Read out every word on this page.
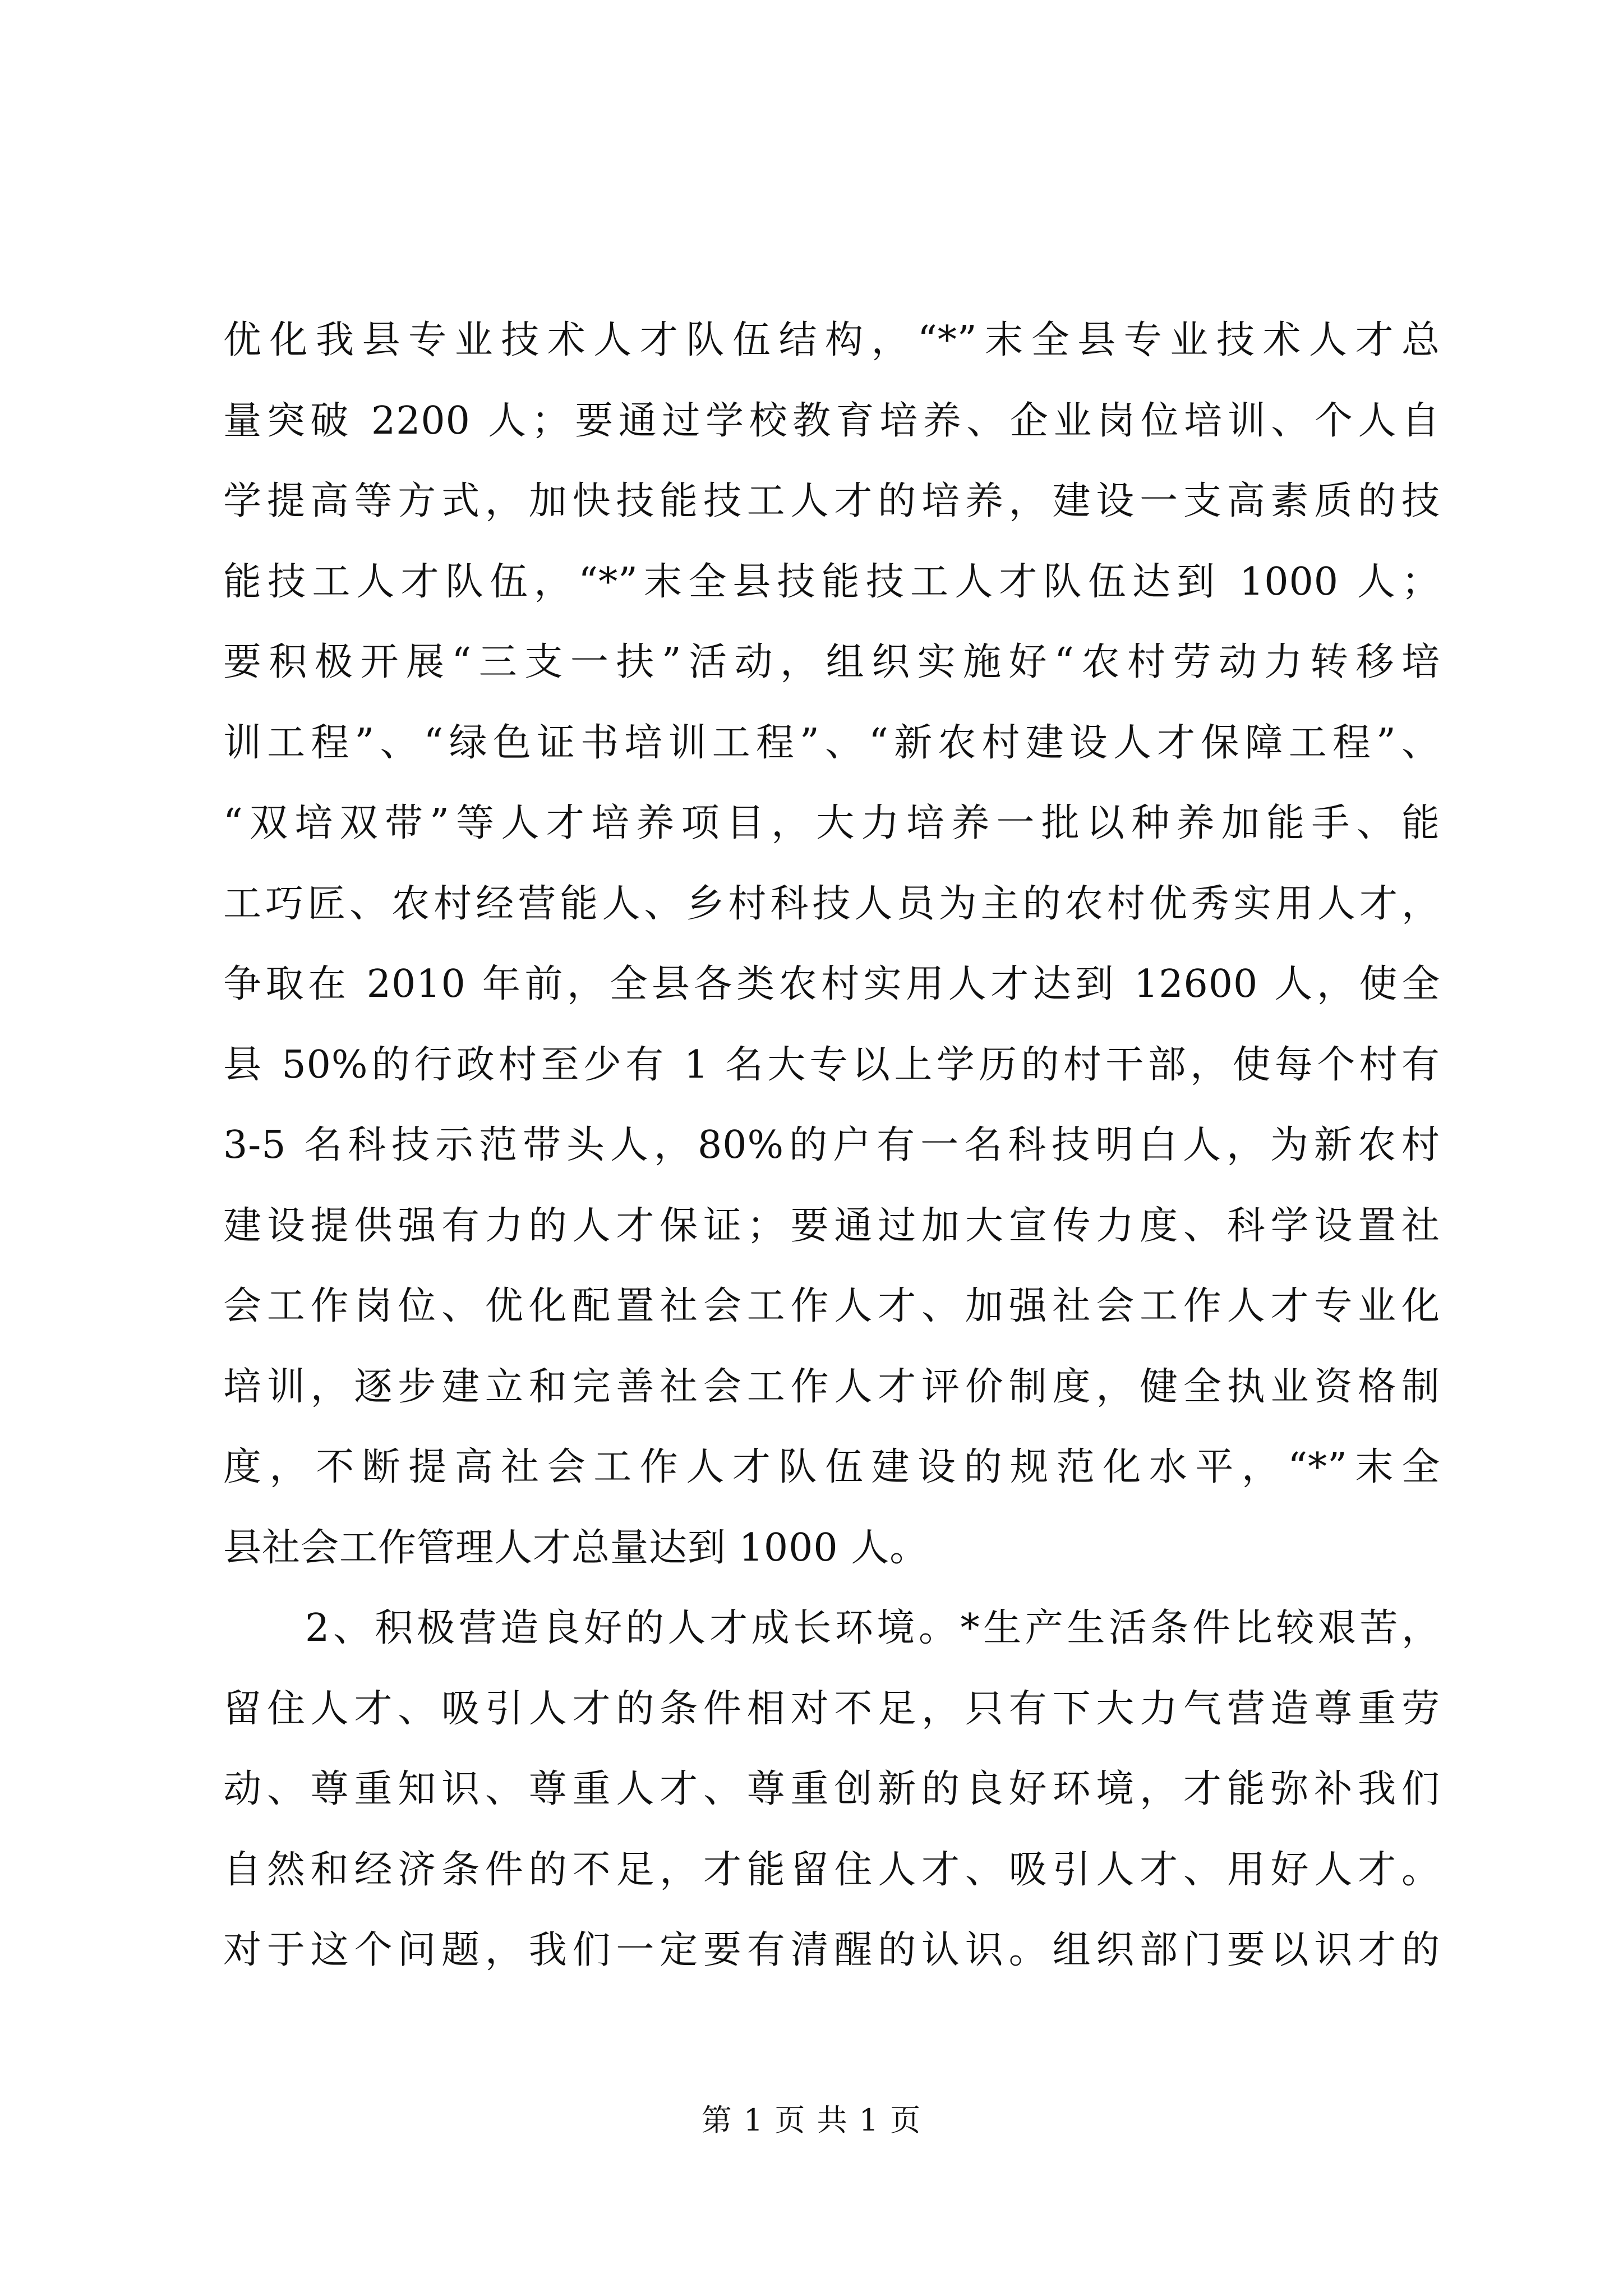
优化我县专业技术人才队伍结构，“*”末全县专业技术人才总
量突破 2200 人；要通过学校教育培养、企业岗位培训、个人自
学提高等方式，加快技能技工人才的培养，建设一支高素质的技
能技工人才队伍，“*”末全县技能技工人才队伍达到 1000 人；
要积极开展“三支一扶”活动，组织实施好“农村劳动力转移培
训工程”、“绿色证书培训工程”、“新农村建设人才保障工程”、
“双培双带”等人才培养项目，大力培养一批以种养加能手、能
工巧匠、农村经营能人、乡村科技人员为主的农村优秀实用人才，
争取在 2010 年前，全县各类农村实用人才达到 12600 人，使全
县 50%的行政村至少有 1 名大专以上学历的村干部，使每个村有
3-5 名科技示范带头人，80%的户有一名科技明白人，为新农村
建设提供强有力的人才保证；要通过加大宣传力度、科学设置社
会工作岗位、优化配置社会工作人才、加强社会工作人才专业化
培训，逐步建立和完善社会工作人才评价制度，健全执业资格制
度，不断提高社会工作人才队伍建设的规范化水平，“*”末全
县社会工作管理人才总量达到 1000 人。
2、积极营造良好的人才成长环境。*生产生活条件比较艰苦，
留住人才、吸引人才的条件相对不足，只有下大力气营造尊重劳
动、尊重知识、尊重人才、尊重创新的良好环境，才能弥补我们
自然和经济条件的不足，才能留住人才、吸引人才、用好人才。
对于这个问题，我们一定要有清醒的认识。组织部门要以识才的
第 1 页 共 1 页
